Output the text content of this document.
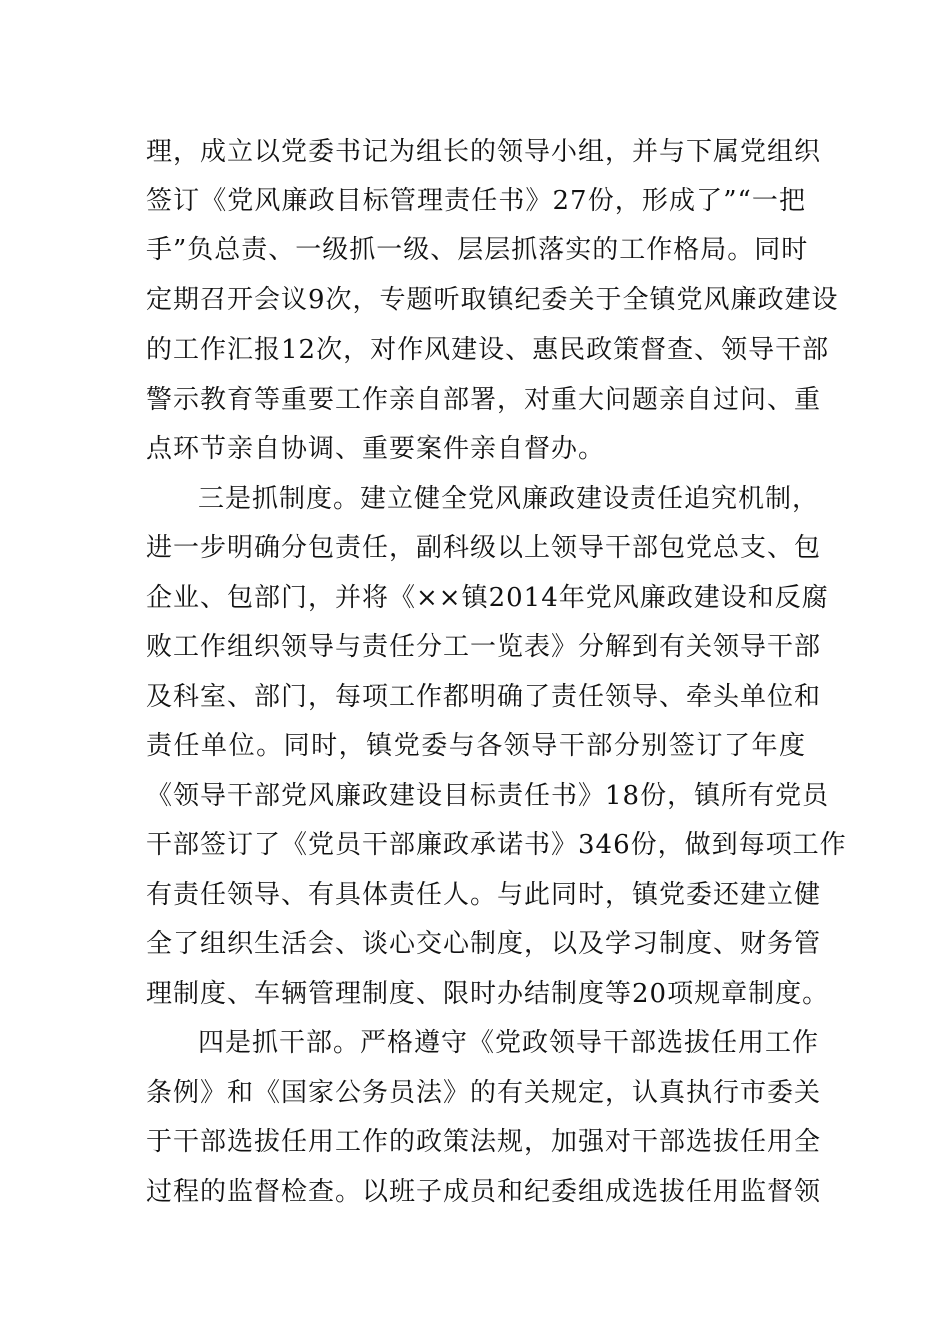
理，成立以党委书记为组长的领导小组，并与下属党组织
签订《党风廉政目标管理责任书》27份，形成了”“一把
手”负总责、一级抓一级、层层抓落实的工作格局。同时
定期召开会议9次，专题听取镇纪委关于全镇党风廉政建设
的工作汇报12次，对作风建设、惠民政策督查、领导干部
警示教育等重要工作亲自部署，对重大问题亲自过问、重
点环节亲自协调、重要案件亲自督办。
三是抓制度。建立健全党风廉政建设责任追究机制，
进一步明确分包责任，副科级以上领导干部包党总支、包
企业、包部门，并将《××镇2014年党风廉政建设和反腐
败工作组织领导与责任分工一览表》分解到有关领导干部
及科室、部门，每项工作都明确了责任领导、牵头单位和
责任单位。同时，镇党委与各领导干部分别签订了年度
《领导干部党风廉政建设目标责任书》18份，镇所有党员
干部签订了《党员干部廉政承诺书》346份，做到每项工作
有责任领导、有具体责任人。与此同时，镇党委还建立健
全了组织生活会、谈心交心制度，以及学习制度、财务管
理制度、车辆管理制度、限时办结制度等20项规章制度。
四是抓干部。严格遵守《党政领导干部选拔任用工作
条例》和《国家公务员法》的有关规定，认真执行市委关
于干部选拔任用工作的政策法规，加强对干部选拔任用全
过程的监督检查。以班子成员和纪委组成选拔任用监督领
